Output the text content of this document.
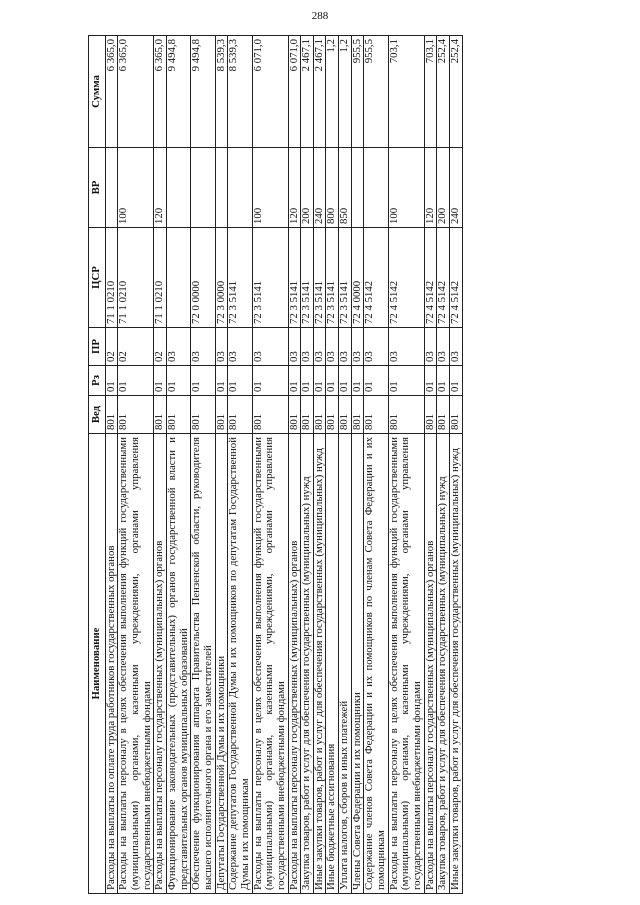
288
Наименование	Вед	Рз	ПР	ЦСР	ВР	Сумма
Расходы на выплаты по оплате труда работников государственных органов	801	01	02	71 1 0210		6 365,0
Расходы на выплаты персоналу в целях обеспечения выполнения функций государственными (муниципальными) органами, казенными учреждениями, органами управления государственными внебюджетными фондами	801	01	02	71 1 0210	100	6 365,0
Расходы на выплаты персоналу государственных (муниципальных) органов	801	01	02	71 1 0210	120	6 365,0
Функционирование законодательных (представительных) органов государственной власти и представительных органов муниципальных образований	801	01	03			9 494,8
Обеспечение функционирования аппарата Правительства Пензенской области, руководителя высшего исполнительного органа и его заместителей	801	01	03	72 0 0000		9 494,8
Депутаты Государственной Думы и их помощники	801	01	03	72 3 0000		8 539,3
Содержание депутатов Государственной Думы и их помощников по депутатам Государственной Думы и их помощникам	801	01	03	72 3 5141		8 539,3
Расходы на выплаты персоналу в целях обеспечения выполнения функций государственными (муниципальными) органами, казенными учреждениями, органами управления государственными внебюджетными фондами	801	01	03	72 3 5141	100	6 071,0
Расходы на выплаты персоналу государственных (муниципальных) органов	801	01	03	72 3 5141	120	6 071,0
Закупка товаров, работ и услуг для обеспечения государственных (муниципальных) нужд	801	01	03	72 3 5141	200	2 467,1
Иные закупки товаров, работ и услуг для обеспечения государственных (муниципальных) нужд	801	01	03	72 3 5141	240	2 467,1
Иные бюджетные ассигнования	801	01	03	72 3 5141	800	1,2
Уплата налогов, сборов и иных платежей	801	01	03	72 3 5141	850	1,2
Члены Совета Федерации и их помощники	801	01	03	72 4 0000		955,5
Содержание членов Совета Федерации и их помощников по членам Совета Федерации и их помощникам	801	01	03	72 4 5142		955,5
Расходы на выплаты персоналу в целях обеспечения выполнения функций государственными (муниципальными) органами, казенными учреждениями, органами управления государственными внебюджетными фондами	801	01	03	72 4 5142	100	703,1
Расходы на выплаты персоналу государственных (муниципальных) органов	801	01	03	72 4 5142	120	703,1
Закупка товаров, работ и услуг для обеспечения государственных (муниципальных) нужд	801	01	03	72 4 5142	200	252,4
Иные закупки товаров, работ и услуг для обеспечения государственных (муниципальных) нужд	801	01	03	72 4 5142	240	252,4
